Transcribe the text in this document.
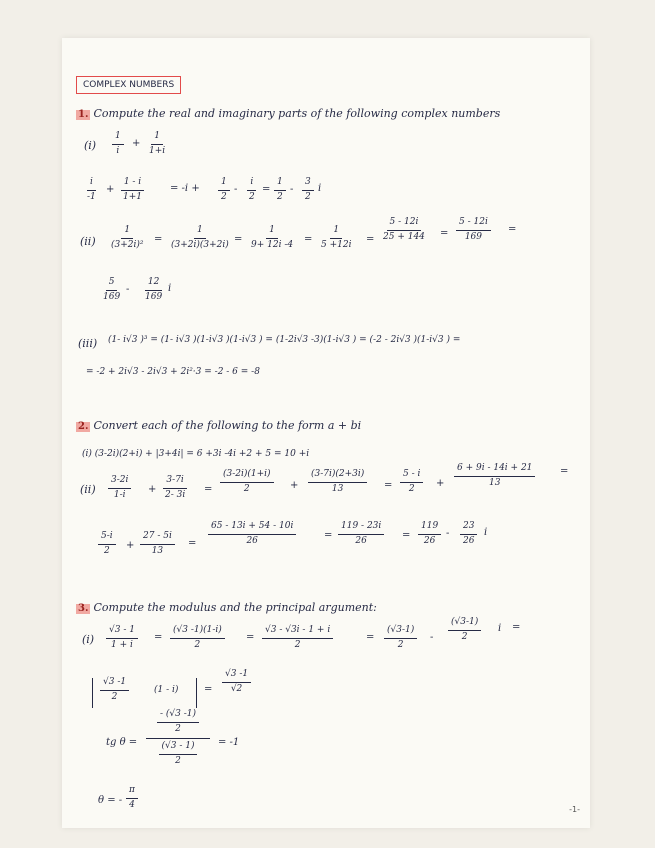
COMPLEX NUMBERS
1. Compute the real and imaginary parts of the following complex numbers
$(i) \frac{1}{i} + \frac{1}{1+i}$
$\frac{i}{-1} + \frac{1 - i}{1+1}$	= $-i + \frac{1}{2} - \frac{i}{2} = \frac{1}{2} - \frac{3}{2}$ i
$(ii) \frac{1}{\text{(3+2i)²}} = \frac{1}{(3+2i)(3+2i)} = \frac{1}{9+ 12i -4} = \frac{1}{5 +12i} = \frac{5 - 12i}{25 + 144} = \frac{5 - 12i}{169}$ =
$\frac{5}{169} - \frac{12}{169}$ i
(iii) (1- i√3 )³ = (1- i√3 )(1-i√3 )(1-i√3 ) = (1-2i√3 -3)(1-i√3 ) = (-2 - 2i√3 )(1-i√3 ) =
= -2 + 2i√3 - 2i√3 + 2i²·3 = -2 - 6 = -8
2. Convert each of the following to the form a + bi
(i) (3-2i)(2+i) + |3+4i| = 6 +3i -4i +2 + 5 = 10 +i
$(ii) \frac{3-2i}{1-i} + \frac{3-7i}{2- 3i} = \frac{(3-2i)(1+i)}{2} + \frac{(3-7i)(2+3i)}{13} = \frac{5 - i}{2} + \frac{6 + 9i - 14i + 21}{13}$ =
$\frac{5-i}{2} + \frac{27 - 5i}{13} = \frac{65 - 13i + 54 - 10i}{26}$	= $\frac{119 - 23i}{26} = \frac{119}{26} - \frac{23}{26}$ i
3. Compute the modulus and the principal argument:
$(i) \frac{√3 - 1}{1 + i} = \frac{(√3 -1)(1-i)}{2} = \frac{√3 - √3i - 1 + i}{2}$	= $\frac{(√3-1)}{2} - \frac{(√3-1)}{2}$ i =
$\frac{√3 -1}{2}$	(1 - i)	= $\frac{√3 -1}{√2}$
tg θ =
$\frac{- (√3 -1)}{2}$
$\frac{(√3 - 1)}{2} = -1$
θ = - $\frac{\pi}{4}$	-1-
